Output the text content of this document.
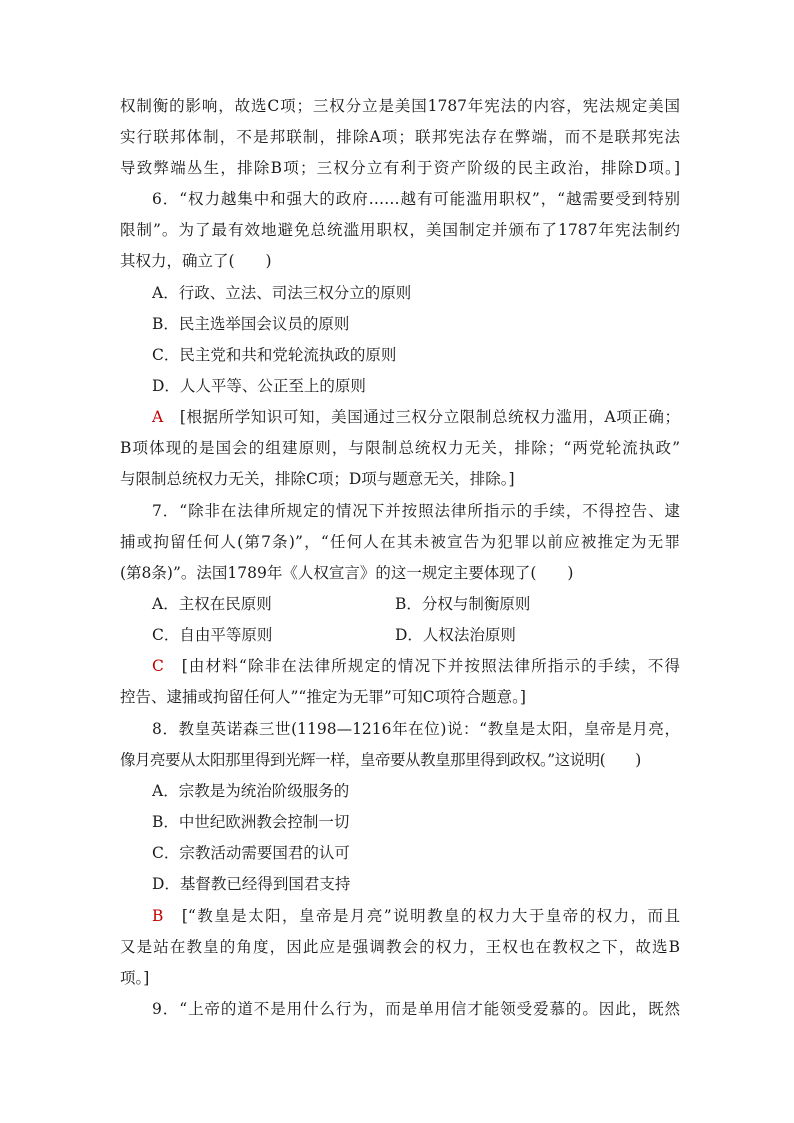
权制衡的影响，故选C项；三权分立是美国1787年宪法的内容，宪法规定美国
实行联邦体制，不是邦联制，排除A项；联邦宪法存在弊端，而不是联邦宪法
导致弊端丛生，排除B项；三权分立有利于资产阶级的民主政治，排除D项。]
6．“权力越集中和强大的政府……越有可能滥用职权”，“越需要受到特别
限制”。为了最有效地避免总统滥用职权，美国制定并颁布了1787年宪法制约
其权力，确立了(　　)
A．行政、立法、司法三权分立的原则
B．民主选举国会议员的原则
C．民主党和共和党轮流执政的原则
D．人人平等、公正至上的原则
A　 [根据所学知识可知，美国通过三权分立限制总统权力滥用，A项正确；
B项体现的是国会的组建原则，与限制总统权力无关，排除；“两党轮流执政”
与限制总统权力无关，排除C项；D项与题意无关，排除。]
7．“除非在法律所规定的情况下并按照法律所指示的手续，不得控告、逮
捕或拘留任何人(第7条)”，“任何人在其未被宣告为犯罪以前应被推定为无罪
(第8条)”。法国1789年《人权宣言》的这一规定主要体现了(　　)
A．主权在民原则	B．分权与制衡原则
C．自由平等原则	D．人权法治原则
C　 [由材料“除非在法律所规定的情况下并按照法律所指示的手续，不得
控告、逮捕或拘留任何人”“推定为无罪”可知C项符合题意。]
8．教皇英诺森三世(1198—1216年在位)说：“教皇是太阳，皇帝是月亮，
像月亮要从太阳那里得到光辉一样，皇帝要从教皇那里得到政权。”这说明(　　)
A．宗教是为统治阶级服务的
B．中世纪欧洲教会控制一切
C．宗教活动需要国君的认可
D．基督教已经得到国君支持
B　 [“教皇是太阳，皇帝是月亮”说明教皇的权力大于皇帝的权力，而且
又是站在教皇的角度，因此应是强调教会的权力，王权也在教权之下，故选B
项。]
9．“上帝的道不是用什么行为，而是单用信才能领受爱慕的。因此，既然
